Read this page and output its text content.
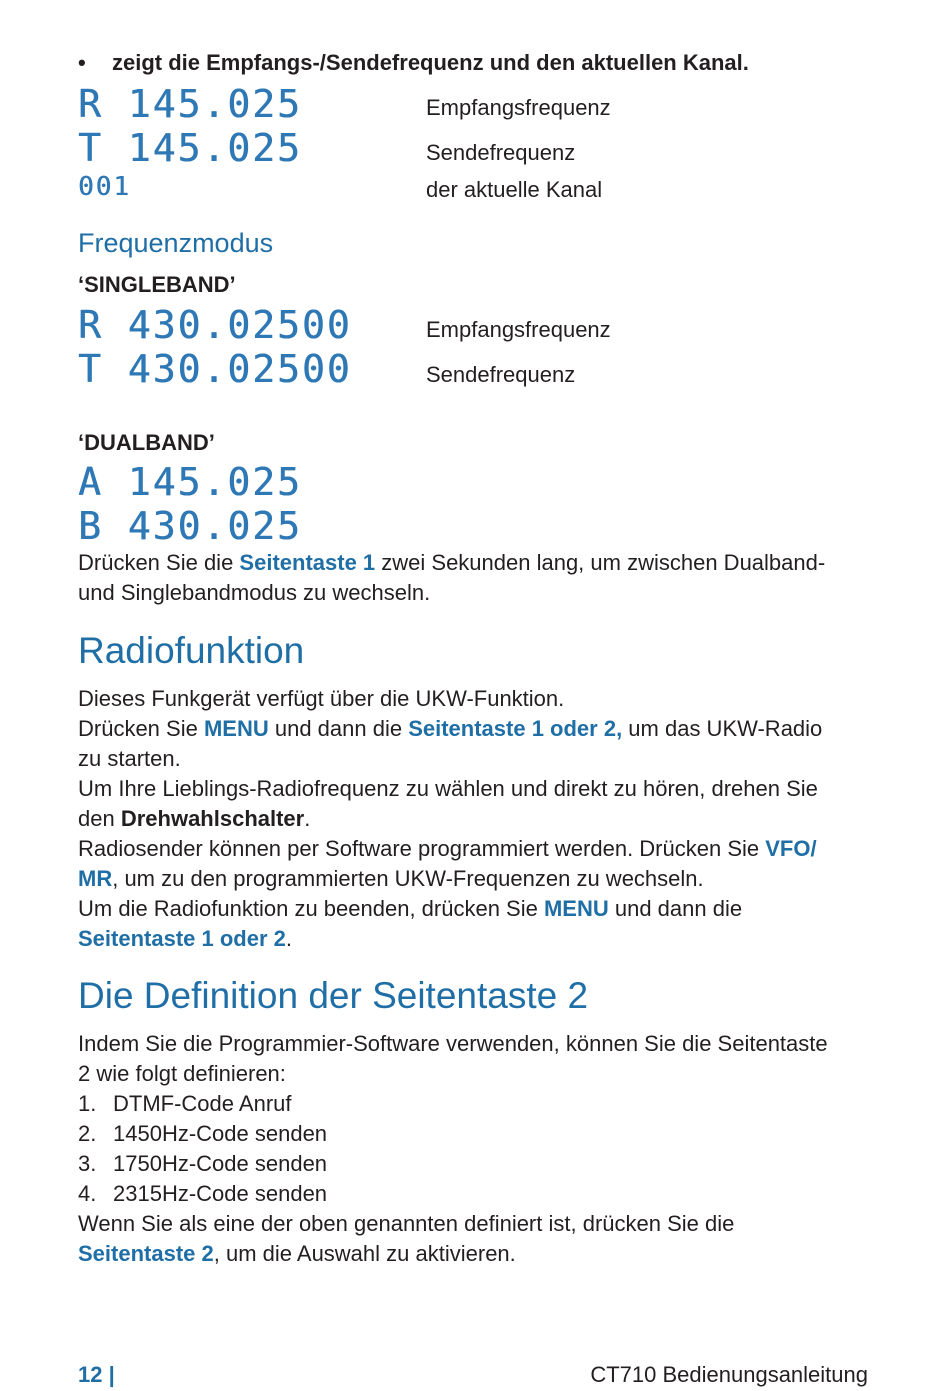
• zeigt die Empfangs-/Sendefrequenz und den aktuellen Kanal.
R 145.025	Empfangsfrequenz
T 145.025	Sendefrequenz
001	der aktuelle Kanal
Frequenzmodus
‘SINGLEBAND’
R 430.02500	Empfangsfrequenz
T 430.02500	Sendefrequenz
‘DUALBAND’
A 145.025
B 430.025

Drücken Sie die Seitentaste 1 zwei Sekunden lang, um zwischen Dualband-

und Singlebandmodus zu wechseln.

Radiofunktion

Dieses Funkgerät verfügt über die UKW-Funktion.

Drücken Sie MENU und dann die Seitentaste 1 oder 2, um das UKW-Radio

zu starten.

Um Ihre Lieblings-Radiofrequenz zu wählen und direkt zu hören, drehen Sie

den Drehwahlschalter.

Radiosender können per Software programmiert werden. Drücken Sie VFO/

MR, um zu den programmierten UKW-Frequenzen zu wechseln.

Um die Radiofunktion zu beenden, drücken Sie MENU und dann die

Seitentaste 1 oder 2.

Die Definition der Seitentaste 2

Indem Sie die Programmier-Software verwenden, können Sie die Seitentaste

2 wie folgt definieren:

1. DTMF-Code Anruf
2. 1450Hz-Code senden
3. 1750Hz-Code senden
4. 2315Hz-Code senden

Wenn Sie als eine der oben genannten definiert ist, drücken Sie die

Seitentaste 2, um die Auswahl zu aktivieren.

12 |	CT710 Bedienungsanleitung
